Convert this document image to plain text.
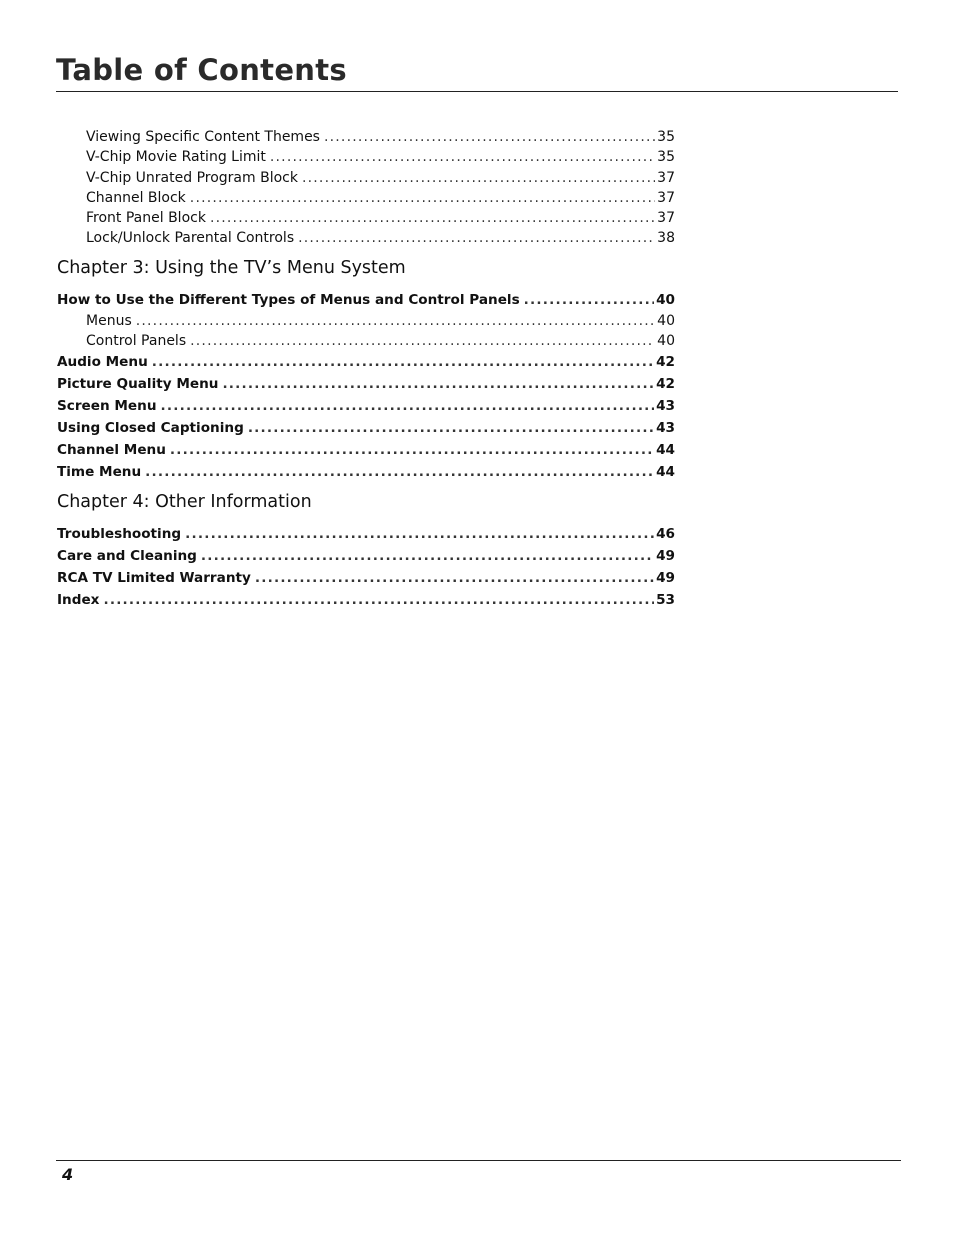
Table of Contents
Viewing Specific Content Themes .....	35
V-Chip Movie Rating Limit .....	35
V-Chip Unrated Program Block .....	37
Channel Block .....	37
Front Panel Block .....	37
Lock/Unlock Parental Controls .....	38
Chapter 3: Using the TV’s Menu System
How to Use the Different Types of Menus and Control Panels .....	40
Menus .....	40
Control Panels .....	40
Audio Menu .....	42
Picture Quality Menu .....	42
Screen Menu .....	43
Using Closed Captioning .....	43
Channel Menu .....	44
Time Menu .....	44
Chapter 4: Other Information
Troubleshooting .....	46
Care and Cleaning .....	49
RCA TV Limited Warranty .....	49
Index .....	53
4
